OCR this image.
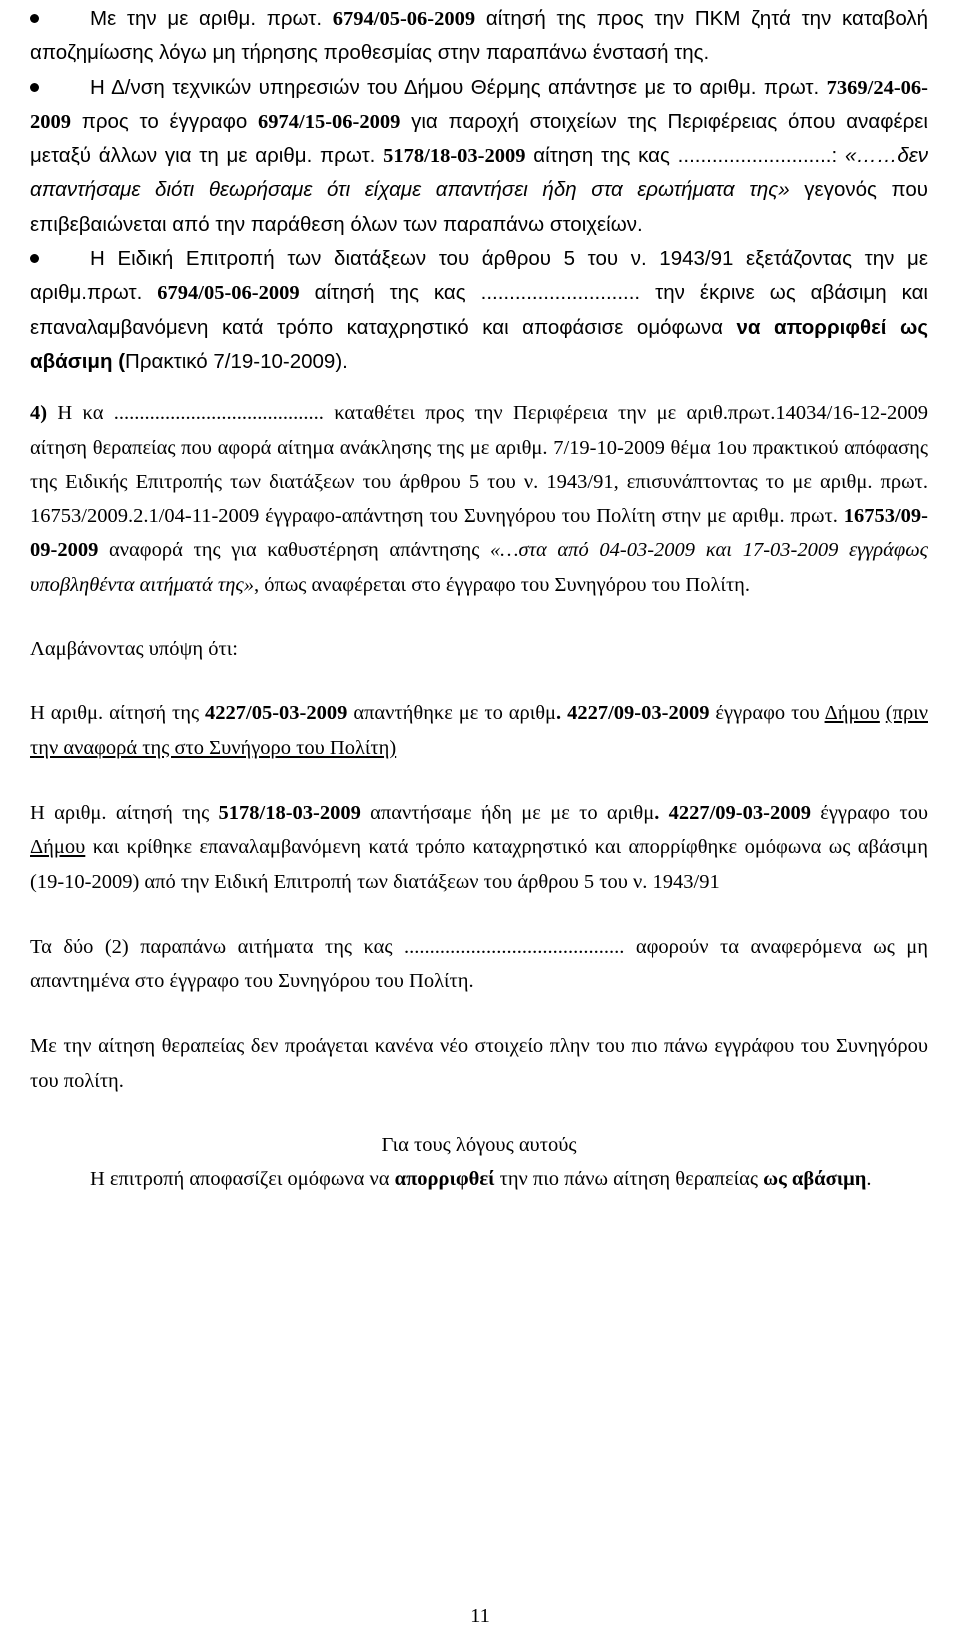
Με την με αριθμ. πρωτ. 6794/05-06-2009 αίτησή της προς την ΠΚΜ ζητά την καταβολή αποζημίωσης λόγω μη τήρησης προθεσμίας στην παραπάνω ένστασή της.

Η Δ/νση τεχνικών υπηρεσιών του Δήμου Θέρμης απάντησε με το αριθμ. πρωτ. 7369/24-06-2009 προς το έγγραφο 6974/15-06-2009 για παροχή στοιχείων της Περιφέρειας όπου αναφέρει μεταξύ άλλων για τη με αριθμ. πρωτ. 5178/18-03-2009 αίτηση της κας ...........................: «……δεν απαντήσαμε διότι θεωρήσαμε ότι είχαμε απαντήσει ήδη στα ερωτήματα της» γεγονός που επιβεβαιώνεται από την παράθεση όλων των παραπάνω στοιχείων.

Η Ειδική Επιτροπή των διατάξεων του άρθρου 5 του ν. 1943/91 εξετάζοντας την με αριθμ.πρωτ. 6794/05-06-2009 αίτησή της κας ............................ την έκρινε ως αβάσιμη και επαναλαμβανόμενη κατά τρόπο καταχρηστικό και αποφάσισε ομόφωνα να απορριφθεί ως αβάσιμη (Πρακτικό 7/19-10-2009).

4) Η κα ......................................... καταθέτει προς την Περιφέρεια την με αριθ.πρωτ.14034/16-12-2009 αίτηση θεραπείας που αφορά αίτημα ανάκλησης της με αριθμ. 7/19-10-2009 θέμα 1ου πρακτικού απόφασης της Ειδικής Επιτροπής των διατάξεων του άρθρου 5 του ν. 1943/91, επισυνάπτοντας το με αριθμ. πρωτ. 16753/2009.2.1/04-11-2009 έγγραφο-απάντηση του Συνηγόρου του Πολίτη στην με αριθμ. πρωτ. 16753/09-09-2009 αναφορά της για καθυστέρηση απάντησης «…στα από 04-03-2009 και 17-03-2009 εγγράφως υποβληθέντα αιτήματά της», όπως αναφέρεται στο έγγραφο του Συνηγόρου του Πολίτη.

Λαμβάνοντας υπόψη ότι:

Η αριθμ. αίτησή της 4227/05-03-2009 απαντήθηκε με το αριθμ. 4227/09-03-2009 έγγραφο του Δήμου (πριν την αναφορά της στο Συνήγορο του Πολίτη)

Η αριθμ. αίτησή της 5178/18-03-2009 απαντήσαμε ήδη με με το αριθμ. 4227/09-03-2009 έγγραφο του Δήμου και κρίθηκε επαναλαμβανόμενη κατά τρόπο καταχρηστικό και απορρίφθηκε ομόφωνα ως αβάσιμη (19-10-2009) από την Ειδική Επιτροπή των διατάξεων του άρθρου 5 του ν. 1943/91

Τα δύο (2) παραπάνω αιτήματα της κας ........................................... αφορούν τα αναφερόμενα ως μη απαντημένα στο έγγραφο του Συνηγόρου του Πολίτη.

Με την αίτηση θεραπείας δεν προάγεται κανένα νέο στοιχείο πλην του πιο πάνω εγγράφου του Συνηγόρου του πολίτη.

Για τους λόγους αυτούς

Η επιτροπή αποφασίζει ομόφωνα να απορριφθεί την πιο πάνω αίτηση θεραπείας ως αβάσιμη.

11
